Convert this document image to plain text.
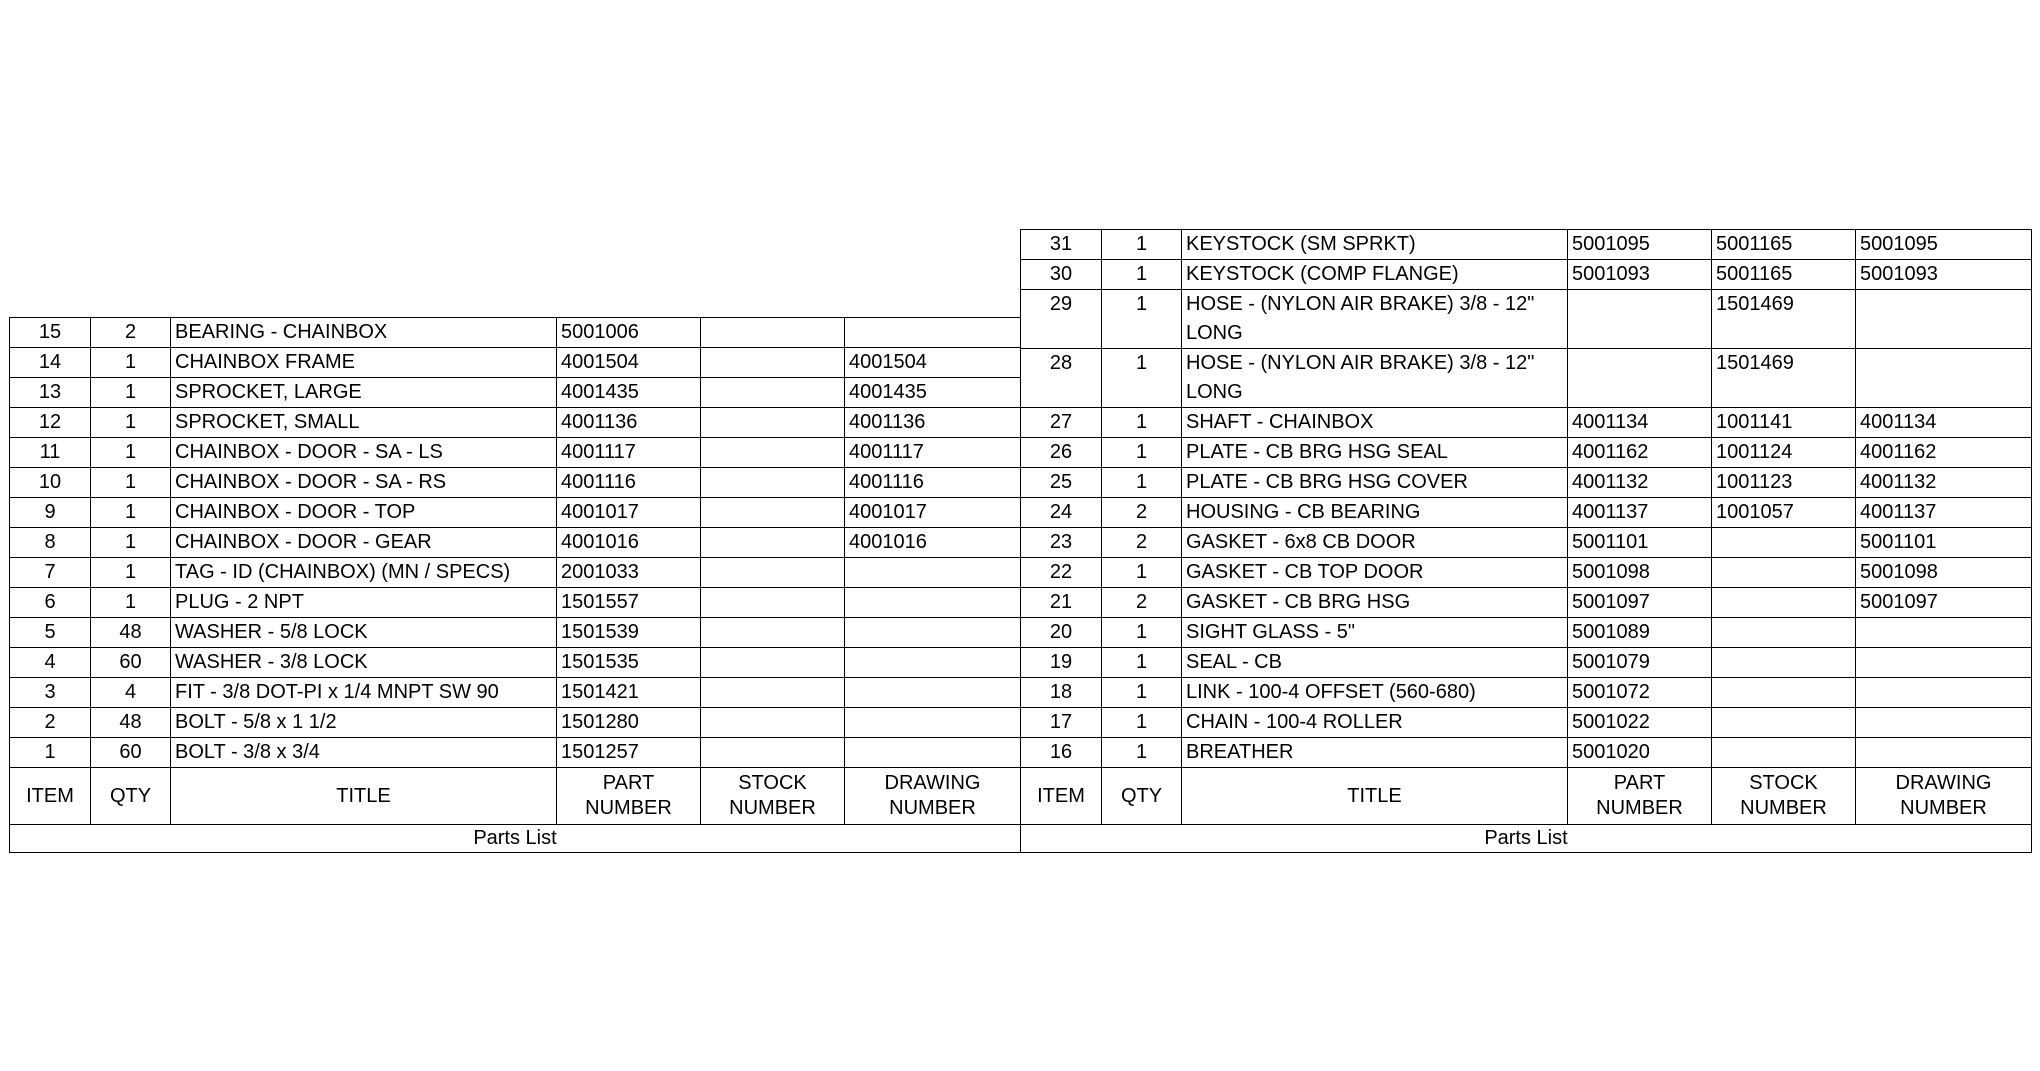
15	2	BEARING - CHAINBOX	5001006		
14	1	CHAINBOX FRAME	4001504		4001504
13	1	SPROCKET, LARGE	4001435		4001435
12	1	SPROCKET, SMALL	4001136		4001136
11	1	CHAINBOX - DOOR - SA - LS	4001117		4001117
10	1	CHAINBOX - DOOR - SA - RS	4001116		4001116
9	1	CHAINBOX - DOOR - TOP	4001017		4001017
8	1	CHAINBOX - DOOR - GEAR	4001016		4001016
7	1	TAG - ID (CHAINBOX) (MN / SPECS)	2001033		
6	1	PLUG - 2 NPT	1501557		
5	48	WASHER - 5/8 LOCK	1501539		
4	60	WASHER - 3/8 LOCK	1501535		
3	4	FIT - 3/8 DOT-PI x 1/4 MNPT SW 90	1501421		
2	48	BOLT - 5/8 x 1 1/2	1501280		
1	60	BOLT - 3/8 x 3/4	1501257		
ITEM	QTY	TITLE	PART NUMBER	STOCK NUMBER	DRAWING NUMBER
Parts List					
31	1	KEYSTOCK (SM SPRKT)	5001095	5001165	5001095
30	1	KEYSTOCK (COMP FLANGE)	5001093	5001165	5001093
29	1	HOSE - (NYLON AIR BRAKE) 3/8 - 12" LONG		1501469	
28	1	HOSE - (NYLON AIR BRAKE) 3/8 - 12" LONG		1501469	
27	1	SHAFT - CHAINBOX	4001134	1001141	4001134
26	1	PLATE - CB BRG HSG SEAL	4001162	1001124	4001162
25	1	PLATE - CB BRG HSG COVER	4001132	1001123	4001132
24	2	HOUSING - CB BEARING	4001137	1001057	4001137
23	2	GASKET - 6x8 CB DOOR	5001101		5001101
22	1	GASKET - CB TOP DOOR	5001098		5001098
21	2	GASKET - CB BRG HSG	5001097		5001097
20	1	SIGHT GLASS - 5"	5001089		
19	1	SEAL - CB	5001079		
18	1	LINK - 100-4 OFFSET (560-680)	5001072		
17	1	CHAIN - 100-4 ROLLER	5001022		
16	1	BREATHER	5001020		
ITEM	QTY	TITLE	PART NUMBER	STOCK NUMBER	DRAWING NUMBER
Parts List					
